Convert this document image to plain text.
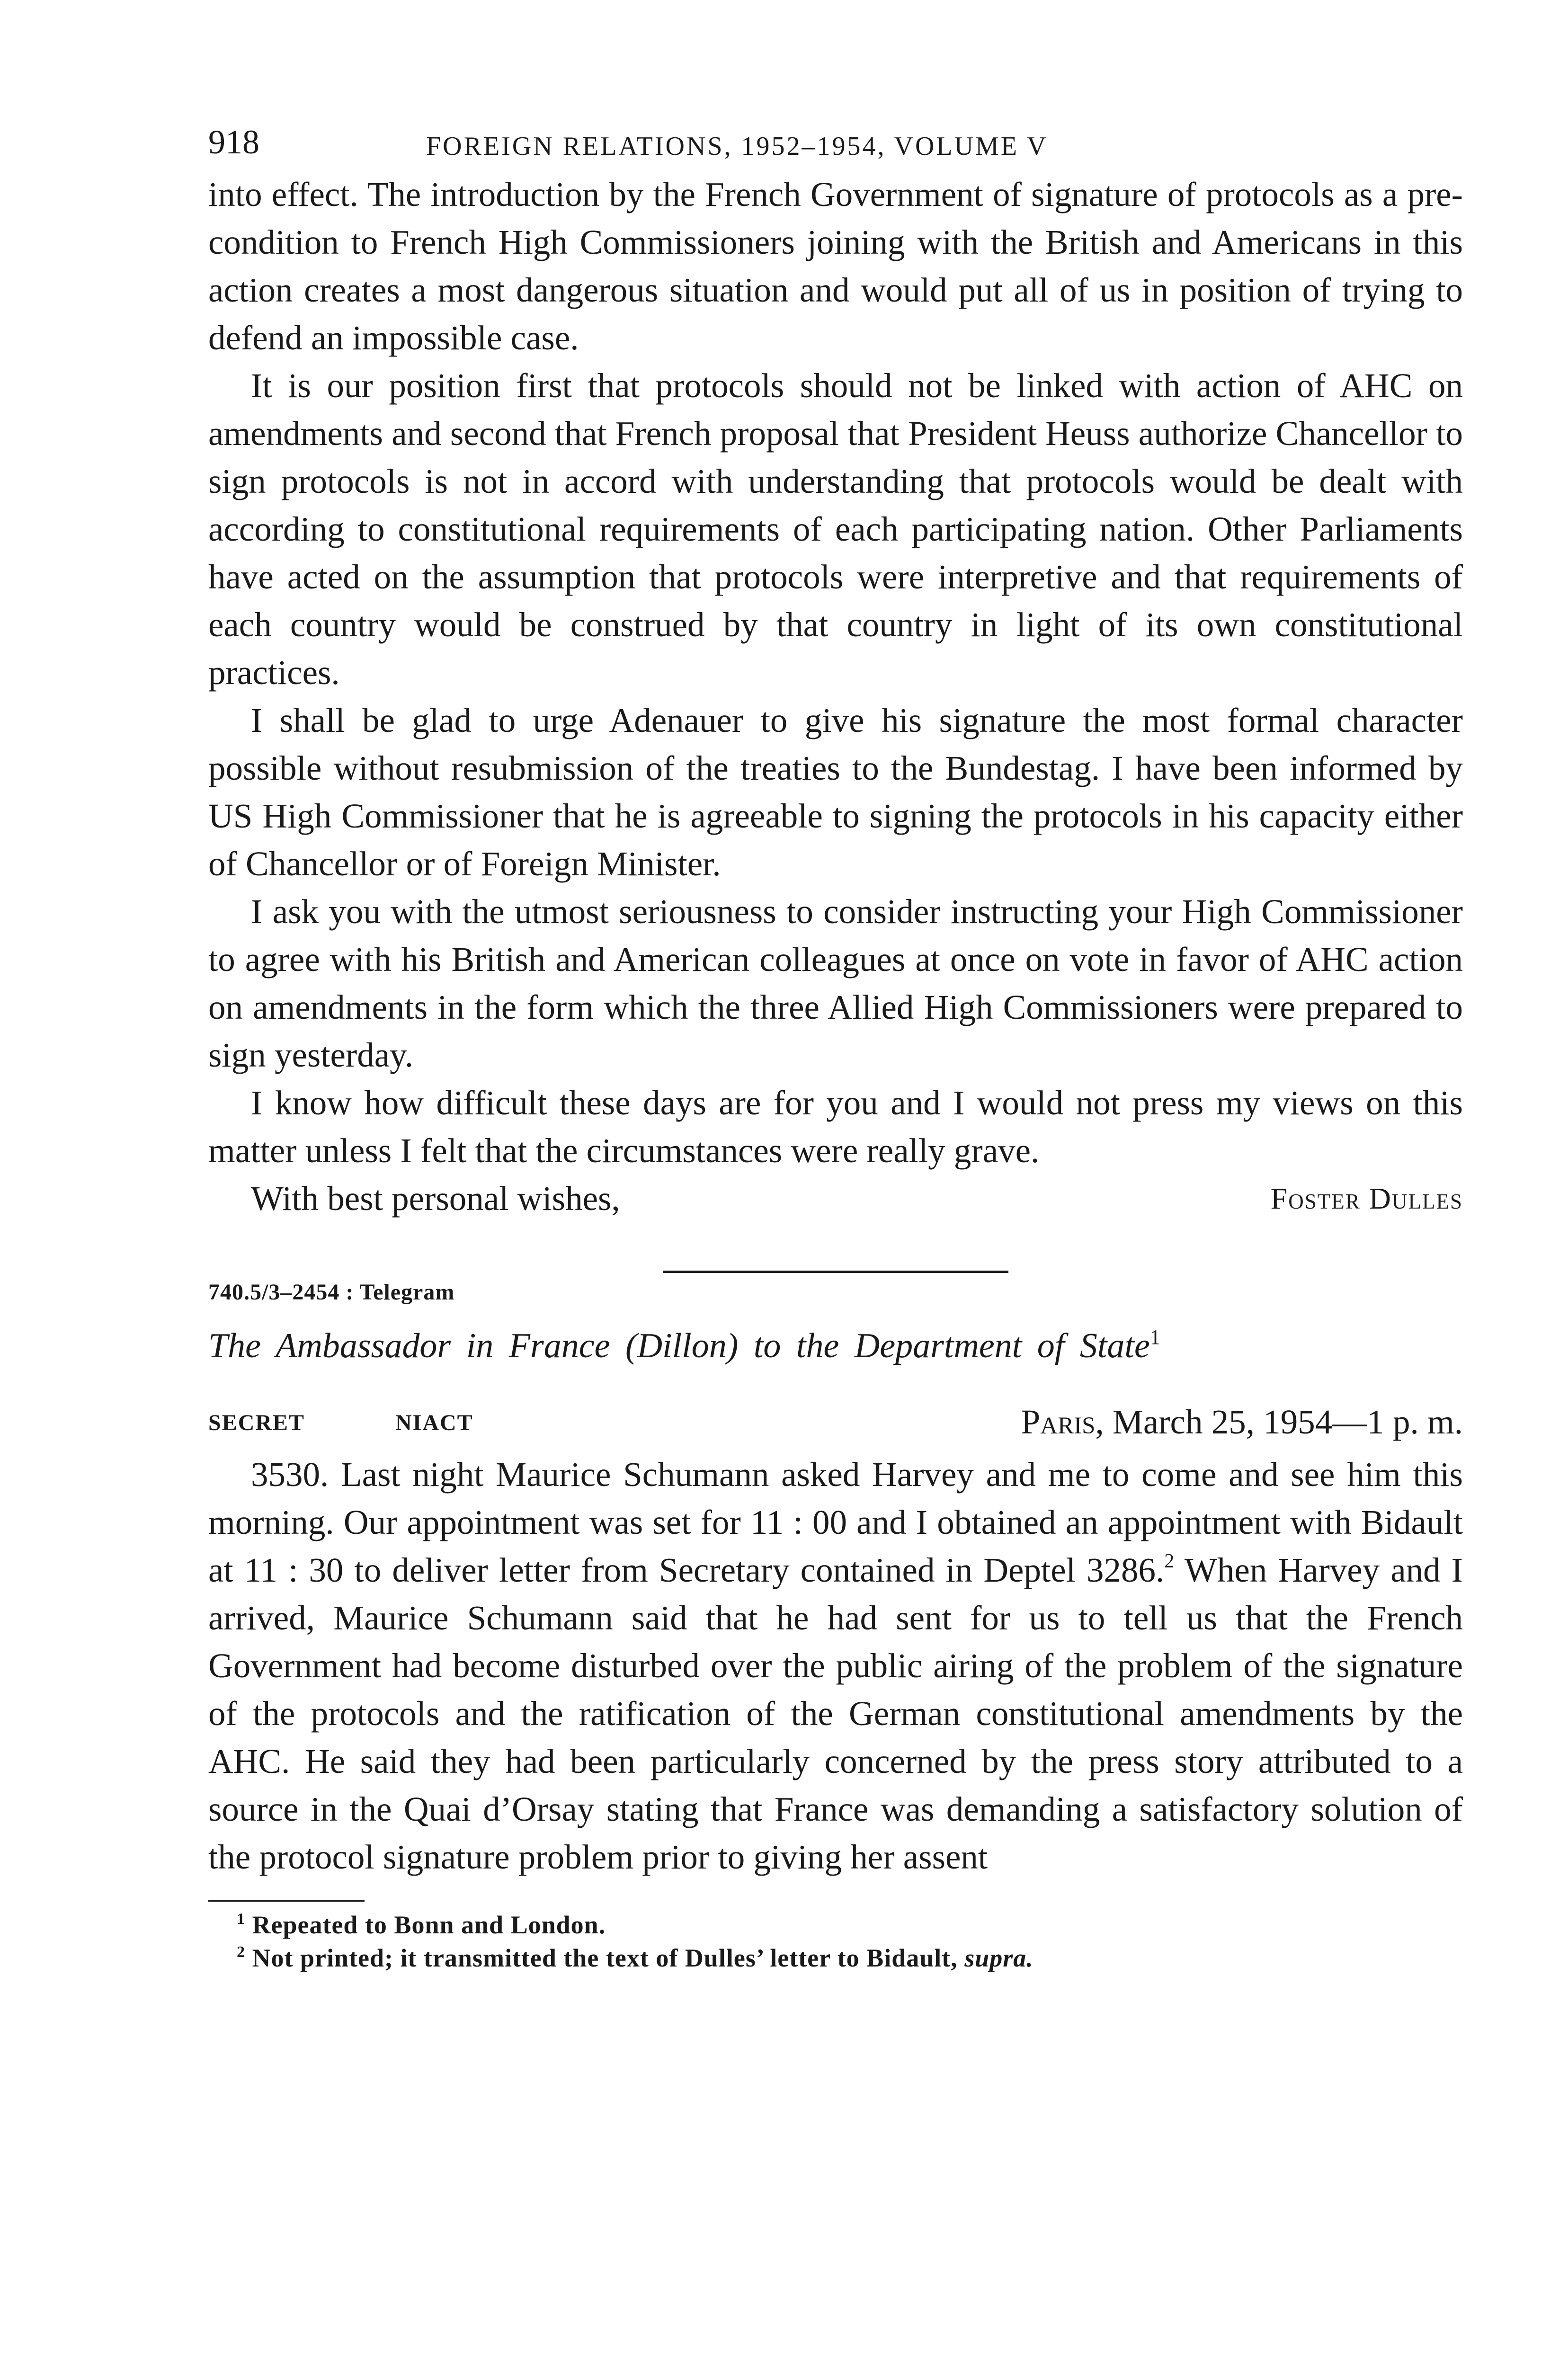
918	FOREIGN RELATIONS, 1952–1954, VOLUME V

into effect. The introduction by the French Government of signature of protocols as a pre-condition to French High Commissioners joining with the British and Americans in this action creates a most dangerous situation and would put all of us in position of trying to defend an impossible case.

It is our position first that protocols should not be linked with action of AHC on amendments and second that French proposal that President Heuss authorize Chancellor to sign protocols is not in accord with understanding that protocols would be dealt with according to constitutional requirements of each participating nation. Other Parliaments have acted on the assumption that protocols were interpretive and that requirements of each country would be construed by that country in light of its own constitutional practices.

I shall be glad to urge Adenauer to give his signature the most formal character possible without resubmission of the treaties to the Bundestag. I have been informed by US High Commissioner that he is agreeable to signing the protocols in his capacity either of Chancellor or of Foreign Minister.

I ask you with the utmost seriousness to consider instructing your High Commissioner to agree with his British and American colleagues at once on vote in favor of AHC action on amendments in the form which the three Allied High Commissioners were prepared to sign yesterday.

I know how difficult these days are for you and I would not press my views on this matter unless I felt that the circumstances were really grave.

With best personal wishes,	Foster Dulles
740.5/3–2454 : Telegram
The Ambassador in France (Dillon) to the Department of State$^1$
SECRET	NIACT	Paris, March 25, 1954—1 p. m.

3530. Last night Maurice Schumann asked Harvey and me to come and see him this morning. Our appointment was set for 11 : 00 and I obtained an appointment with Bidault at 11 : 30 to deliver letter from Secretary contained in Deptel 3286.$^2$ When Harvey and I arrived, Maurice Schumann said that he had sent for us to tell us that the French Government had become disturbed over the public airing of the problem of the signature of the protocols and the ratification of the German constitutional amendments by the AHC. He said they had been particularly concerned by the press story attributed to a source in the Quai d’Orsay stating that France was demanding a satisfactory solution of the protocol signature problem prior to giving her assent

$^1$ Repeated to Bonn and London.
$^2$ Not printed; it transmitted the text of Dulles’ letter to Bidault, supra.
